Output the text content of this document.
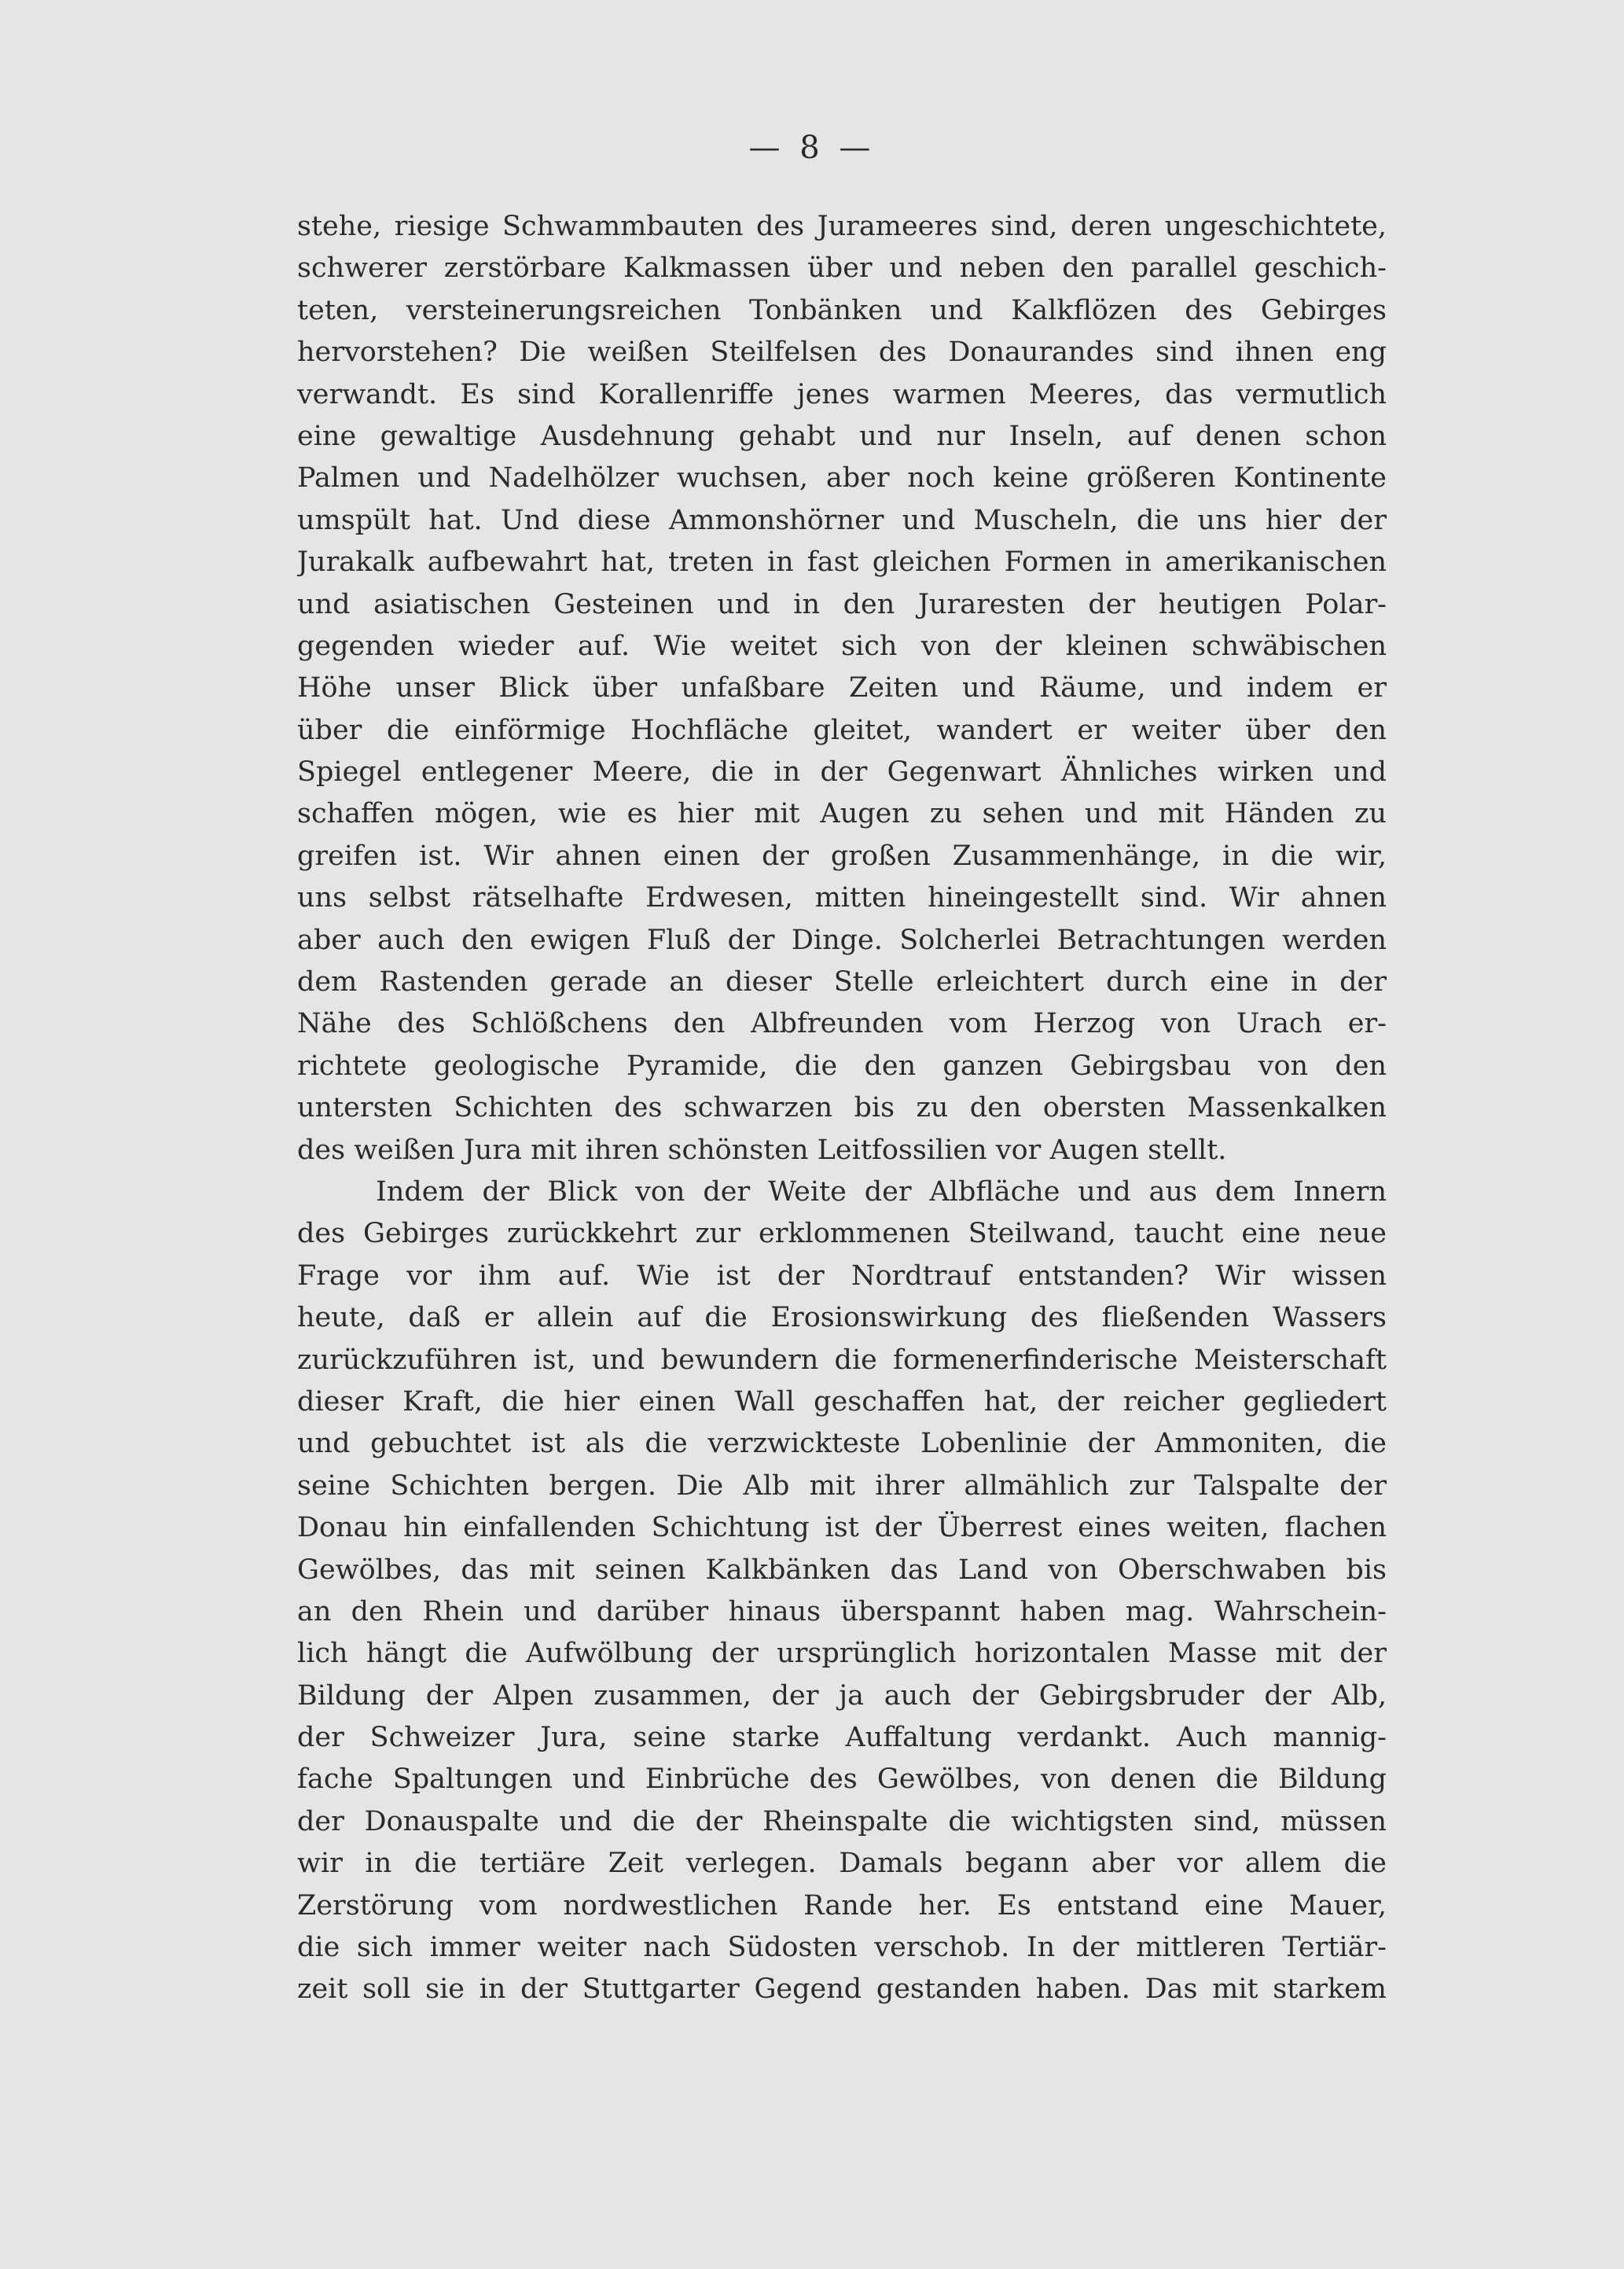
— 8 —
stehe, riesige Schwammbauten des Jurameeres sind, deren ungeschichtete,
schwerer zerstörbare Kalkmassen über und neben den parallel geschich-
teten, versteinerungsreichen Tonbänken und Kalkflözen des Gebirges
hervorstehen? Die weißen Steilfelsen des Donaurandes sind ihnen eng
verwandt. Es sind Korallenriffe jenes warmen Meeres, das vermutlich
eine gewaltige Ausdehnung gehabt und nur Inseln, auf denen schon
Palmen und Nadelhölzer wuchsen, aber noch keine größeren Kontinente
umspült hat. Und diese Ammonshörner und Muscheln, die uns hier der
Jurakalk aufbewahrt hat, treten in fast gleichen Formen in amerikanischen
und asiatischen Gesteinen und in den Juraresten der heutigen Polar-
gegenden wieder auf. Wie weitet sich von der kleinen schwäbischen
Höhe unser Blick über unfaßbare Zeiten und Räume, und indem er
über die einförmige Hochfläche gleitet, wandert er weiter über den
Spiegel entlegener Meere, die in der Gegenwart Ähnliches wirken und
schaffen mögen, wie es hier mit Augen zu sehen und mit Händen zu
greifen ist. Wir ahnen einen der großen Zusammenhänge, in die wir,
uns selbst rätselhafte Erdwesen, mitten hineingestellt sind. Wir ahnen
aber auch den ewigen Fluß der Dinge. Solcherlei Betrachtungen werden
dem Rastenden gerade an dieser Stelle erleichtert durch eine in der
Nähe des Schlößchens den Albfreunden vom Herzog von Urach er-
richtete geologische Pyramide, die den ganzen Gebirgsbau von den
untersten Schichten des schwarzen bis zu den obersten Massenkalken
des weißen Jura mit ihren schönsten Leitfossilien vor Augen stellt.
Indem der Blick von der Weite der Albfläche und aus dem Innern
des Gebirges zurückkehrt zur erklommenen Steilwand, taucht eine neue
Frage vor ihm auf. Wie ist der Nordtrauf entstanden? Wir wissen
heute, daß er allein auf die Erosionswirkung des fließenden Wassers
zurückzuführen ist, und bewundern die formenerfinderische Meisterschaft
dieser Kraft, die hier einen Wall geschaffen hat, der reicher gegliedert
und gebuchtet ist als die verzwickteste Lobenlinie der Ammoniten, die
seine Schichten bergen. Die Alb mit ihrer allmählich zur Talspalte der
Donau hin einfallenden Schichtung ist der Überrest eines weiten, flachen
Gewölbes, das mit seinen Kalkbänken das Land von Oberschwaben bis
an den Rhein und darüber hinaus überspannt haben mag. Wahrschein-
lich hängt die Aufwölbung der ursprünglich horizontalen Masse mit der
Bildung der Alpen zusammen, der ja auch der Gebirgsbruder der Alb,
der Schweizer Jura, seine starke Auffaltung verdankt. Auch mannig-
fache Spaltungen und Einbrüche des Gewölbes, von denen die Bildung
der Donauspalte und die der Rheinspalte die wichtigsten sind, müssen
wir in die tertiäre Zeit verlegen. Damals begann aber vor allem die
Zerstörung vom nordwestlichen Rande her. Es entstand eine Mauer,
die sich immer weiter nach Südosten verschob. In der mittleren Tertiär-
zeit soll sie in der Stuttgarter Gegend gestanden haben. Das mit starkem
